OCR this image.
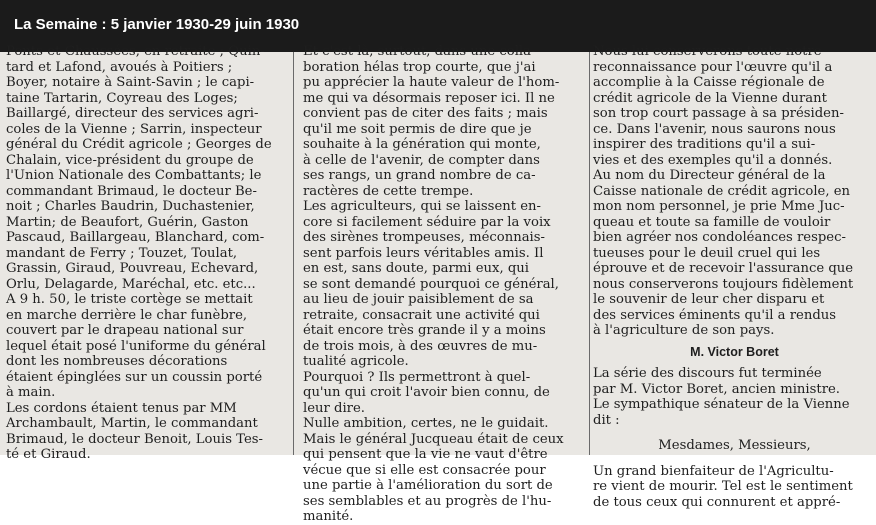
La Semaine : 5 janvier 1930-29 juin 1930
Ponts-et-Chaussées, en retraite ; Quin-
tard et Lafond, avoués à Poitiers ;
Boyer, notaire à Saint-Savin ; le capi-
taine Tartarin, Coyreau des Loges;
Baillargé, directeur des services agri-
coles de la Vienne ; Sarrin, inspecteur
général du Crédit agricole ; Georges de
Chalain, vice-président du groupe de
l'Union Nationale des Combattants; le
commandant Brimaud, le docteur Be-
noit ; Charles Baudrin, Duchastenier,
Martin; de Beaufort, Guérin, Gaston
Pascaud, Baillargeau, Blanchard, com-
mandant de Ferry ; Touzet, Toulat,
Grassin, Giraud, Pouvreau, Echevard,
Orlu, Delagarde, Maréchal, etc. etc...
A 9 h. 50, le triste cortège se mettait
en marche derrière le char funèbre,
couvert par le drapeau national sur
lequel était posé l'uniforme du général
dont les nombreuses décorations
étaient épinglées sur un coussin porté
à main.
Les cordons étaient tenus par MM
Archambault, Martin, le commandant
Brimaud, le docteur Benoit, Louis Tes-
té et Giraud.
Et c'est là, surtout, dans une colla-
boration hélas trop courte, que j'ai
pu apprécier la haute valeur de l'hom-
me qui va désormais reposer ici. Il ne
convient pas de citer des faits ; mais
qu'il me soit permis de dire que je
souhaite à la génération qui monte,
à celle de l'avenir, de compter dans
ses rangs, un grand nombre de ca-
ractères de cette trempe.
Les agriculteurs, qui se laissent en-
core si facilement séduire par la voix
des sirènes trompeuses, méconnais-
sent parfois leurs véritables amis. Il
en est, sans doute, parmi eux, qui
se sont demandé pourquoi ce général,
au lieu de jouir paisiblement de sa
retraite, consacrait une activité qui
était encore très grande il y a moins
de trois mois, à des œuvres de mu-
tualité agricole.
Pourquoi ? Ils permettront à quel-
qu'un qui croit l'avoir bien connu, de
leur dire.
Nulle ambition, certes, ne le guidait.
Mais le général Jucqueau était de ceux
qui pensent que la vie ne vaut d'être
vécue que si elle est consacrée pour
une partie à l'amélioration du sort de
ses semblables et au progrès de l'hu-
manité.
Nous lui conserverons toute notre
reconnaissance pour l'œuvre qu'il a
accomplie à la Caisse régionale de
crédit agricole de la Vienne durant
son trop court passage à sa présiden-
ce. Dans l'avenir, nous saurons nous
inspirer des traditions qu'il a sui-
vies et des exemples qu'il a donnés.
Au nom du Directeur général de la
Caisse nationale de crédit agricole, en
mon nom personnel, je prie Mme Juc-
queau et toute sa famille de vouloir
bien agréer nos condoléances respec-
tueuses pour le deuil cruel qui les
éprouve et de recevoir l'assurance que
nous conserverons toujours fidèlement
le souvenir de leur cher disparu et
des services éminents qu'il a rendus
à l'agriculture de son pays.
M. Victor Boret
La série des discours fut terminée
par M. Victor Boret, ancien ministre.
Le sympathique sénateur de la Vienne
dit :
Mesdames, Messieurs,
Un grand bienfaiteur de l'Agricultu-
re vient de mourir. Tel est le sentiment
de tous ceux qui connurent et appré-
